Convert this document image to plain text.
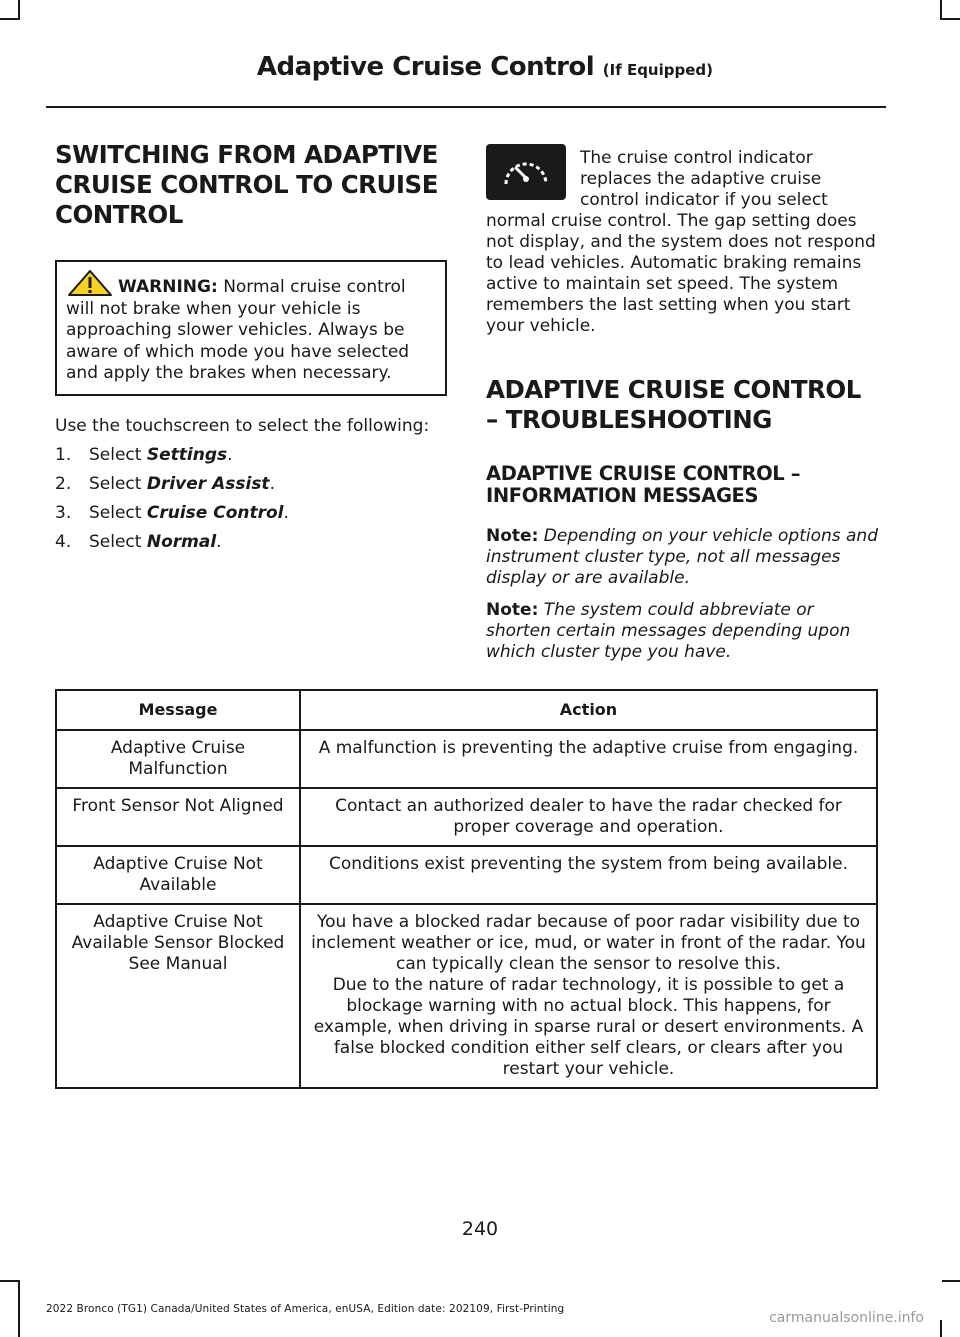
Adaptive Cruise Control (If Equipped)
SWITCHING FROM ADAPTIVE CRUISE CONTROL TO CRUISE CONTROL
WARNING: Normal cruise control will not brake when your vehicle is approaching slower vehicles. Always be aware of which mode you have selected and apply the brakes when necessary.

Use the touchscreen to select the following:

1.	Select Settings.
2.	Select Driver Assist.
3.	Select Cruise Control.
4.	Select Normal.

The cruise control indicator replaces the adaptive cruise control indicator if you select normal cruise control. The gap setting does not display, and the system does not respond to lead vehicles. Automatic braking remains active to maintain set speed. The system remembers the last setting when you start your vehicle.

ADAPTIVE CRUISE CONTROL – TROUBLESHOOTING
ADAPTIVE CRUISE CONTROL – INFORMATION MESSAGES

Note: Depending on your vehicle options and instrument cluster type, not all messages display or are available.

Note: The system could abbreviate or shorten certain messages depending upon which cluster type you have.

Message	Action
Adaptive Cruise Malfunction	A malfunction is preventing the adaptive cruise from engaging.

Front Sensor Not Aligned	Contact an authorized dealer to have the radar checked for proper coverage and operation.

Adaptive Cruise Not Available	Conditions exist preventing the system from being available.

Adaptive Cruise Not Available Sensor Blocked See Manual	You have a blocked radar because of poor radar visibility due to inclement weather or ice, mud, or water in front of the radar. You can typically clean the sensor to resolve this.
Due to the nature of radar technology, it is possible to get a blockage warning with no actual block. This happens, for example, when driving in sparse rural or desert environments. A false blocked condition either self clears, or clears after you restart your vehicle.
240
2022 Bronco (TG1) Canada/United States of America, enUSA, Edition date: 202109, First-Printing
carmanualsonline.info
